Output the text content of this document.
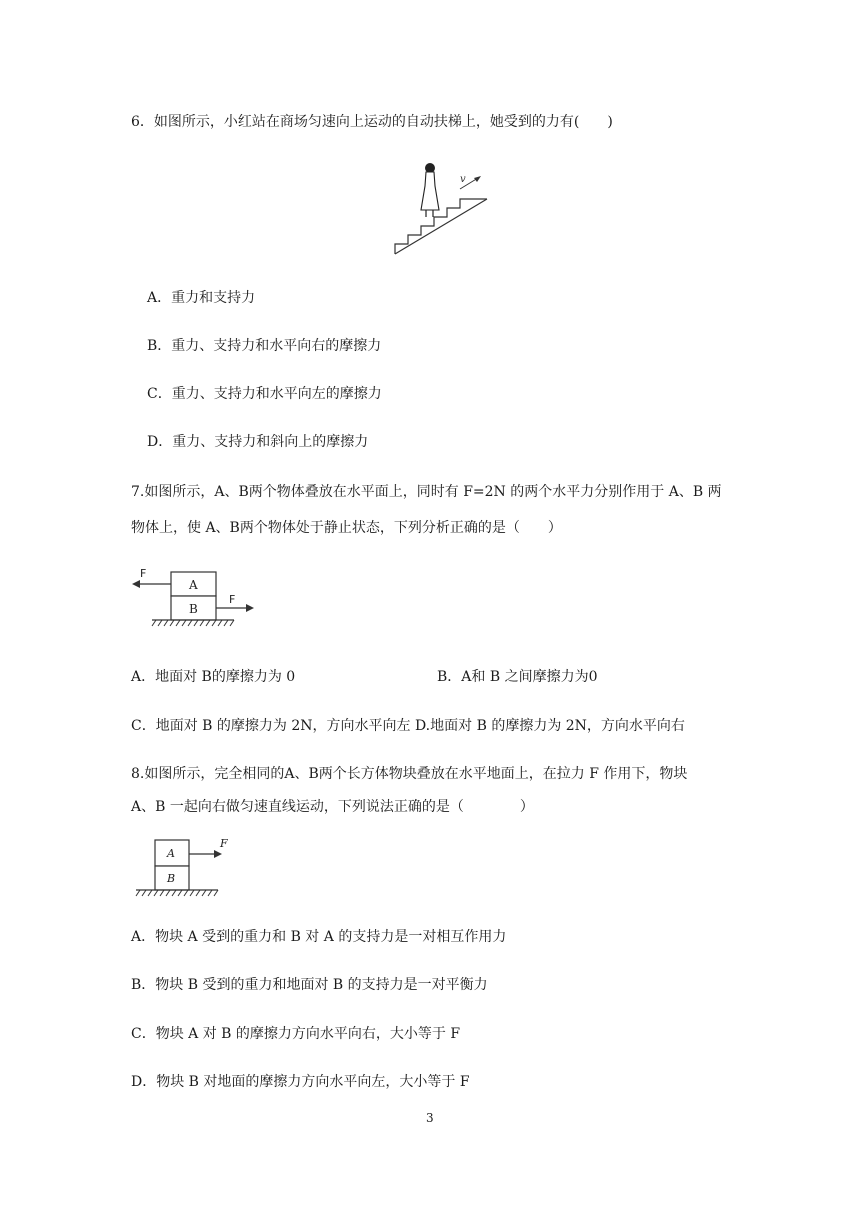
6．如图所示，小红站在商场匀速向上运动的自动扶梯上，她受到的力有(　　)
v
A．重力和支持力
B．重力、支持力和水平向右的摩擦力
C．重力、支持力和水平向左的摩擦力
D．重力、支持力和斜向上的摩擦力
7.如图所示，A、B两个物体叠放在水平面上，同时有 F=2N 的两个水平力分别作用于 A、B 两
物体上，使 A、B两个物体处于静止状态，下列分析正确的是（　　）
A
B
F
F
A．地面对 B的摩擦力为 0	B．A和 B 之间摩擦力为0
C．地面对 B 的摩擦力为 2N，方向水平向左 D.地面对 B 的摩擦力为 2N，方向水平向右
8.如图所示，完全相同的A、B两个长方体物块叠放在水平地面上，在拉力 F 作用下，物块
A、B 一起向右做匀速直线运动，下列说法正确的是（　　　　）
A
B
F
A．物块 A 受到的重力和 B 对 A 的支持力是一对相互作用力
B．物块 B 受到的重力和地面对 B 的支持力是一对平衡力
C．物块 A 对 B 的摩擦力方向水平向右，大小等于 F
D．物块 B 对地面的摩擦力方向水平向左，大小等于 F
3
